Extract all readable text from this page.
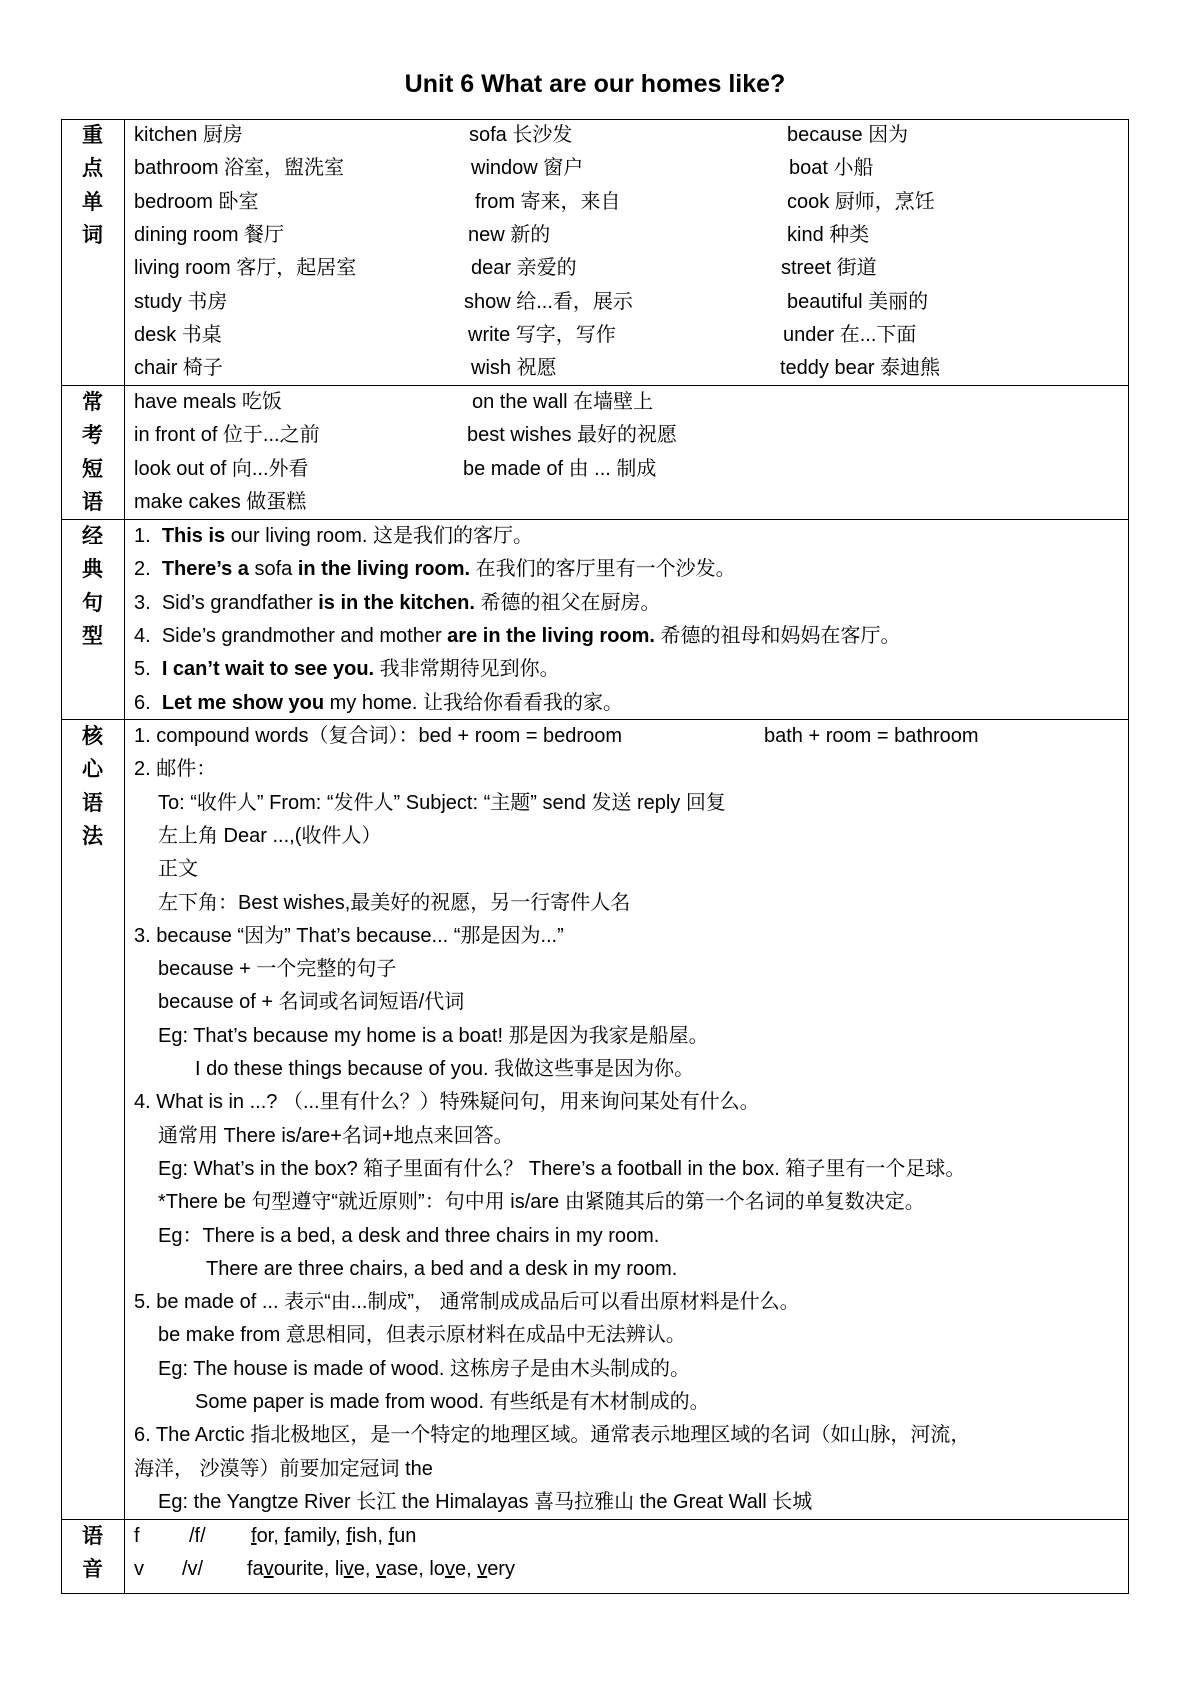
Unit 6 What are our homes like?
重
点
单
词
kitchen 厨房
bathroom 浴室，盥洗室
bedroom 卧室
dining room 餐厅
living room 客厅，起居室
study 书房
desk 书桌
chair 椅子
sofa 长沙发
window 窗户
from 寄来，来自
new 新的
dear 亲爱的
show 给...看，展示
write 写字，写作
wish 祝愿
because 因为
boat 小船
cook 厨师，烹饪
kind 种类
street 街道
beautiful 美丽的
under 在...下面
teddy bear 泰迪熊
常
考
短
语
have meals 吃饭
in front of 位于...之前
look out of 向...外看
make cakes 做蛋糕
on the wall 在墙壁上
best wishes 最好的祝愿
be made of 由 ... 制成
经
典
句
型
1. This is our living room. 这是我们的客厅。
2. There’s a sofa in the living room. 在我们的客厅里有一个沙发。
3. Sid’s grandfather is in the kitchen. 希德的祖父在厨房。
4. Side’s grandmother and mother are in the living room. 希德的祖母和妈妈在客厅。
5. I can’t wait to see you. 我非常期待见到你。
6. Let me show you my home. 让我给你看看我的家。
核
心
语
法
1. compound words（复合词）：bed + room = bedroom	bath + room = bathroom
2. 邮件：
To: “收件人” From: “发件人” Subject: “主题” send 发送 reply 回复
左上角 Dear ...,(收件人）
正文
左下角：Best wishes,最美好的祝愿，另一行寄件人名
3. because “因为” That’s because... “那是因为...”
because + 一个完整的句子
because of + 名词或名词短语/代词
Eg: That’s because my home is a boat! 那是因为我家是船屋。
I do these things because of you. 我做这些事是因为你。
4. What is in ...? （...里有什么？）特殊疑问句，用来询问某处有什么。
通常用 There is/are+名词+地点来回答。
Eg: What’s in the box? 箱子里面有什么？ There’s a football in the box. 箱子里有一个足球。
*There be 句型遵守“就近原则”：句中用 is/are 由紧随其后的第一个名词的单复数决定。
Eg：There is a bed, a desk and three chairs in my room.
There are three chairs, a bed and a desk in my room.
5. be made of ... 表示“由...制成”， 通常制成成品后可以看出原材料是什么。
be make from 意思相同，但表示原材料在成品中无法辨认。
Eg: The house is made of wood. 这栋房子是由木头制成的。
Some paper is made from wood. 有些纸是有木材制成的。
6. The Arctic 指北极地区，是一个特定的地理区域。通常表示地理区域的名词（如山脉，河流，
海洋， 沙漠等）前要加定冠词 the
Eg: the Yangtze River 长江 the Himalayas 喜马拉雅山 the Great Wall 长城
语
音
f /f/ for, family, fish, fun
v /v/ favourite, live, vase, love, very
